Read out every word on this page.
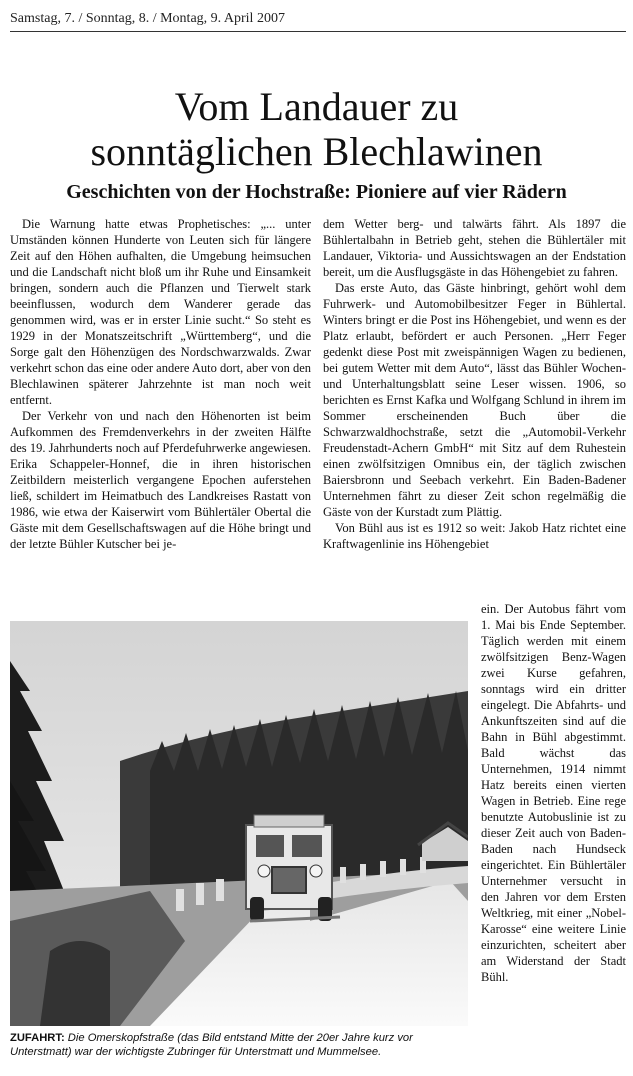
Samstag, 7. / Sonntag, 8. / Montag, 9. April 2007
Vom Landauer zu
sonntäglichen Blechlawinen
Geschichten von der Hochstraße: Pioniere auf vier Rädern

Die Warnung hatte etwas Prophetisches: „... unter Umständen können Hunderte von Leuten sich für längere Zeit auf den Höhen aufhalten, die Umgebung heimsuchen und die Landschaft nicht bloß um ihr Ruhe und Einsamkeit bringen, sondern auch die Pflanzen und Tierwelt stark beeinflussen, wodurch dem Wanderer gerade das genommen wird, was er in erster Linie sucht.“ So steht es 1929 in der Monatszeitschrift „Württemberg“, und die Sorge galt den Höhenzügen des Nordschwarzwalds. Zwar verkehrt schon das eine oder andere Auto dort, aber von den Blechlawinen späterer Jahrzehnte ist man noch weit entfernt.

Der Verkehr von und nach den Höhenorten ist beim Aufkommen des Fremdenverkehrs in der zweiten Hälfte des 19. Jahrhunderts noch auf Pferdefuhrwerke angewiesen. Erika Schappeler-Honnef, die in ihren historischen Zeitbildern meisterlich vergangene Epochen auferstehen ließ, schildert im Heimatbuch des Landkreises Rastatt von 1986, wie etwa der Kaiserwirt vom Bühlertäler Obertal die Gäste mit dem Gesellschaftswagen auf die Höhe bringt und der letzte Bühler Kutscher bei je-

dem Wetter berg- und talwärts fährt. Als 1897 die Bühlertalbahn in Betrieb geht, stehen die Bühlertäler mit Landauer, Viktoria- und Aussichtswagen an der Endstation bereit, um die Ausflugsgäste in das Höhengebiet zu fahren.

Das erste Auto, das Gäste hinbringt, gehört wohl dem Fuhrwerk- und Automobilbesitzer Feger in Bühlertal. Winters bringt er die Post ins Höhengebiet, und wenn es der Platz erlaubt, befördert er auch Personen. „Herr Feger gedenkt diese Post mit zweispännigen Wagen zu bedienen, bei gutem Wetter mit dem Auto“, lässt das Bühler Wochen- und Unterhaltungsblatt seine Leser wissen. 1906, so berichten es Ernst Kafka und Wolfgang Schlund in ihrem im Sommer erscheinenden Buch über die Schwarzwaldhochstraße, setzt die „Automobil-Verkehr Freudenstadt-Achern GmbH“ mit Sitz auf dem Ruhestein einen zwölfsitzigen Omnibus ein, der täglich zwischen Baiersbronn und Seebach verkehrt. Ein Baden-Badener Unternehmen fährt zu dieser Zeit schon regelmäßig die Gäste von der Kurstadt zum Plättig.

Von Bühl aus ist es 1912 so weit: Jakob Hatz richtet eine Kraftwagenlinie ins Höhengebiet

ein. Der Autobus fährt vom 1. Mai bis Ende September. Täglich werden mit einem zwölfsitzigen Benz-Wagen zwei Kurse gefahren, sonntags wird ein dritter eingelegt. Die Abfahrts- und Ankunftszeiten sind auf die Bahn in Bühl abgestimmt. Bald wächst das Unternehmen, 1914 nimmt Hatz bereits einen vierten Wagen in Betrieb. Eine rege benutzte Autobuslinie ist zu dieser Zeit auch von Baden-Baden nach Hundseck eingerichtet. Ein Bühlertäler Unternehmer versucht in den Jahren vor dem Ersten Weltkrieg, mit einer „Nobel-Karosse“ eine weitere Linie einzurichten, scheitert aber am Widerstand der Stadt Bühl.

ZUFAHRT: Die Omerskopfstraße (das Bild entstand Mitte der 20er Jahre kurz vor Unterstmatt) war der wichtigste Zubringer für Unterstmatt und Mummelsee.
